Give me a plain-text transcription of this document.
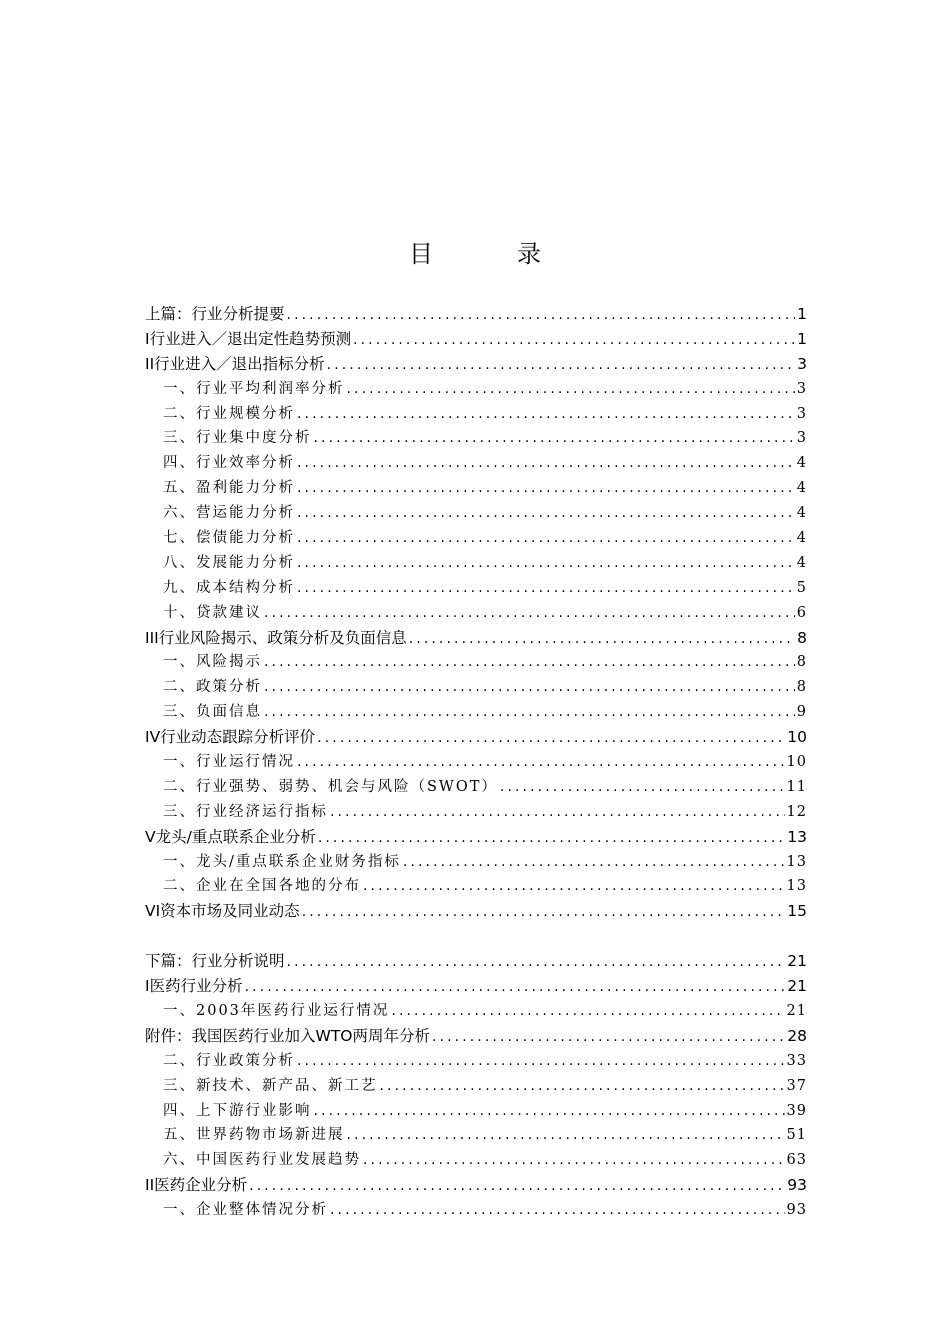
目　录
上篇：行业分析提要 .....	1
I行业进入／退出定性趋势预测 .....	1
II行业进入／退出指标分析 .....	3
一、行业平均利润率分析 .....	3
二、行业规模分析 .....	3
三、行业集中度分析 .....	3
四、行业效率分析 .....	4
五、盈利能力分析 .....	4
六、营运能力分析 .....	4
七、偿债能力分析 .....	4
八、发展能力分析 .....	4
九、成本结构分析 .....	5
十、贷款建议 .....	6
III行业风险揭示、政策分析及负面信息 .....	8
一、风险揭示 .....	8
二、政策分析 .....	8
三、负面信息 .....	9
IV行业动态跟踪分析评价 .....	10
一、行业运行情况 .....	10
二、行业强势、弱势、机会与风险（SWOT） .....	11
三、行业经济运行指标 .....	12
V龙头/重点联系企业分析 .....	13
一、龙头/重点联系企业财务指标 .....	13
二、企业在全国各地的分布 .....	13
VI资本市场及同业动态 .....	15
下篇：行业分析说明 .....	21
I医药行业分析 .....	21
一、2003年医药行业运行情况 .....	21
附件：我国医药行业加入WTO两周年分析 .....	28
二、行业政策分析 .....	33
三、新技术、新产品、新工艺 .....	37
四、上下游行业影响 .....	39
五、世界药物市场新进展 .....	51
六、中国医药行业发展趋势 .....	63
II医药企业分析 .....	93
一、企业整体情况分析 .....	93
